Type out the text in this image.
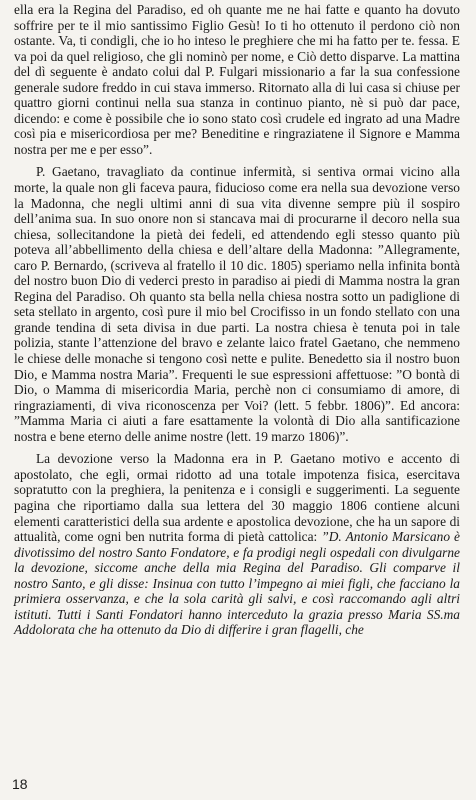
ella era la Regina del Paradiso, ed oh quante me ne hai fatte e quanto ha dovuto soffrire per te il mio santissimo Figlio Gesù! Io ti ho ottenuto il perdono ciò non ostante. Va, ti condigli, che io ho inteso le preghiere che mi ha fatto per te. fessa. E va poi da quel religioso, che gli nominò per nome, e Ciò detto disparve. La mattina del dì seguente è andato colui dal P. Fulgari missionario a far la sua confessione generale sudore freddo in cui stava immerso. Ritornato alla di lui casa si chiuse per quattro giorni continui nella sua stanza in continuo pianto, nè si può dar pace, dicendo: e come è possibile che io sono stato così crudele ed ingrato ad una Madre così pia e misericordiosa per me? Beneditine e ringraziatene il Signore e Mamma nostra per me e per esso”.

P. Gaetano, travagliato da continue infermità, si sentiva ormai vicino alla morte, la quale non gli faceva paura, fiducioso come era nella sua devozione verso la Madonna, che negli ultimi anni di sua vita divenne sempre più il sospiro dell’anima sua. In suo onore non si stancava mai di procurarne il decoro nella sua chiesa, sollecitandone la pietà dei fedeli, ed attendendo egli stesso quanto più poteva all’abbellimento della chiesa e dell’altare della Madonna: ”Allegramente, caro P. Bernardo, (scriveva al fratello il 10 dic. 1805) speriamo nella infinita bontà del nostro buon Dio di vederci presto in paradiso ai piedi di Mamma nostra la gran Regina del Paradiso. Oh quanto sta bella nella chiesa nostra sotto un padiglione di seta stellato in argento, così pure il mio bel Crocifisso in un fondo stellato con una grande tendina di seta divisa in due parti. La nostra chiesa è tenuta poi in tale polizia, stante l’attenzione del bravo e zelante laico fratel Gaetano, che nemmeno le chiese delle monache si tengono così nette e pulite. Benedetto sia il nostro buon Dio, e Mamma nostra Maria”. Frequenti le sue espressioni affettuose: ”O bontà di Dio, o Mamma di misericordia Maria, perchè non ci consumiamo di amore, di ringraziamenti, di viva riconoscenza per Voi? (lett. 5 febbr. 1806)”. Ed ancora: ”Mamma Maria ci aiuti a fare esattamente la volontà di Dio alla santificazione nostra e bene eterno delle anime nostre (lett. 19 marzo 1806)”.

La devozione verso la Madonna era in P. Gaetano motivo e accento di apostolato, che egli, ormai ridotto ad una totale impotenza fisica, esercitava sopratutto con la preghiera, la penitenza e i consigli e suggerimenti. La seguente pagina che riportiamo dalla sua lettera del 30 maggio 1806 contiene alcuni elementi caratteristici della sua ardente e apostolica devozione, che ha un sapore di attualità, come ogni ben nutrita forma di pietà cattolica: ”D. Antonio Marsicano è divotissimo del nostro Santo Fondatore, e fa prodigi negli ospedali con divulgarne la devozione, siccome anche della mia Regina del Paradiso. Gli comparve il nostro Santo, e gli disse: Insinua con tutto l’impegno ai miei figli, che facciano la primiera osservanza, e che la sola carità gli salvi, e così raccomando agli altri istituti. Tutti i Santi Fondatori hanno interceduto la grazia presso Maria SS.ma Addolorata che ha ottenuto da Dio di differire i gran flagelli, che

18
